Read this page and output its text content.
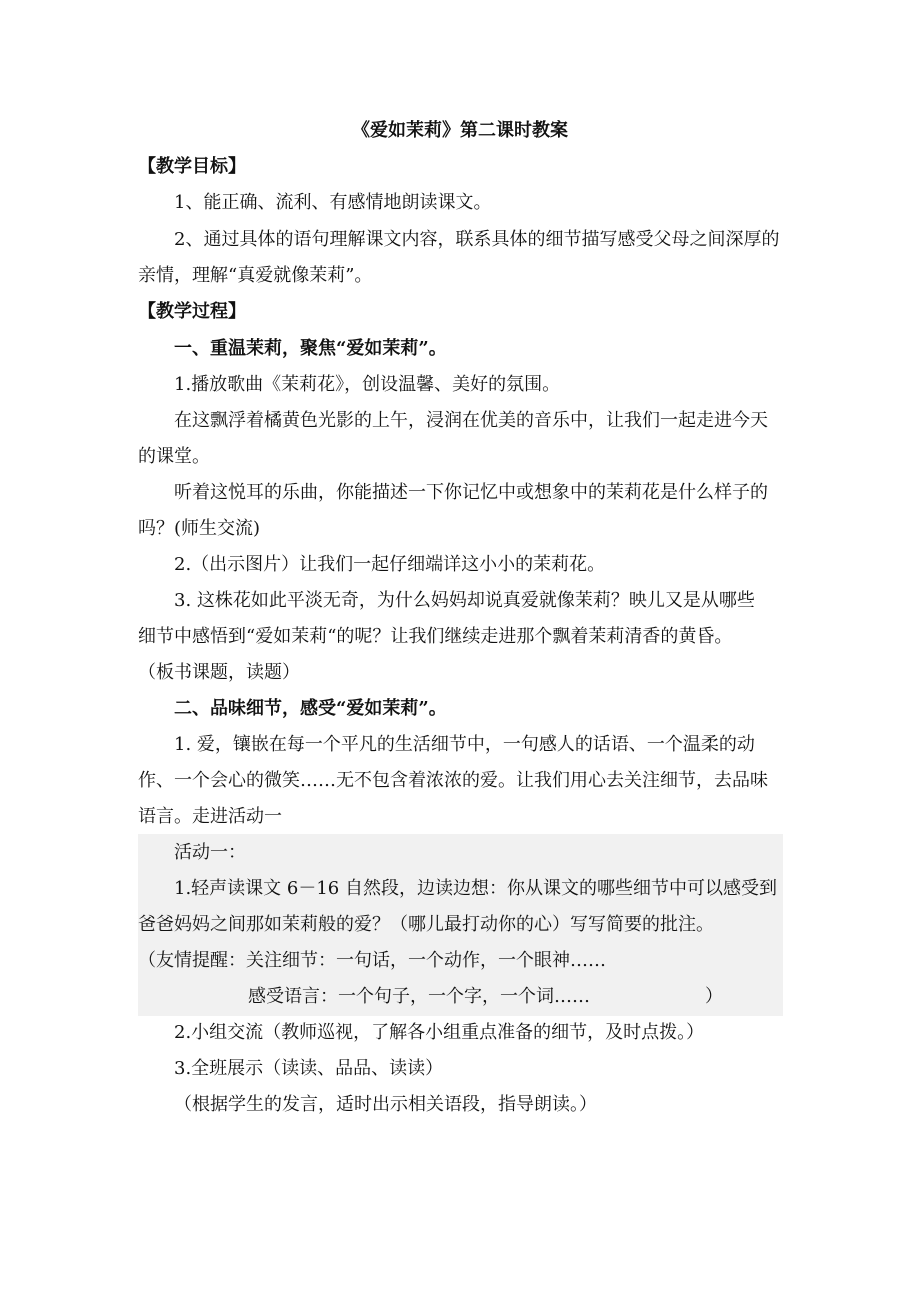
《爱如茉莉》第二课时教案
【教学目标】
1、能正确、流利、有感情地朗读课文。
2、通过具体的语句理解课文内容，联系具体的细节描写感受父母之间深厚的
亲情，理解“真爱就像茉莉”。
【教学过程】
一、重温茉莉，聚焦“爱如茉莉”。
1.播放歌曲《茉莉花》，创设温馨、美好的氛围。
在这飘浮着橘黄色光影的上午，浸润在优美的音乐中，让我们一起走进今天
的课堂。
听着这悦耳的乐曲，你能描述一下你记忆中或想象中的茉莉花是什么样子的
吗？(师生交流)
2.（出示图片）让我们一起仔细端详这小小的茉莉花。
3. 这株花如此平淡无奇，为什么妈妈却说真爱就像茉莉？映儿又是从哪些
细节中感悟到“爱如茉莉“的呢？让我们继续走进那个飘着茉莉清香的黄昏。
（板书课题，读题）
二、品味细节，感受“爱如茉莉”。
1. 爱，镶嵌在每一个平凡的生活细节中，一句感人的话语、一个温柔的动
作、一个会心的微笑……无不包含着浓浓的爱。让我们用心去关注细节，去品味
语言。走进活动一
活动一：
1.轻声读课文 6－16 自然段，边读边想：你从课文的哪些细节中可以感受到
爸爸妈妈之间那如茉莉般的爱？（哪儿最打动你的心）写写简要的批注。
（友情提醒：关注细节：一句话，一个动作，一个眼神……
感受语言：一个句子，一个字，一个词……	）
2.小组交流（教师巡视，了解各小组重点准备的细节，及时点拨。）
3.全班展示（读读、品品、读读）
（根据学生的发言，适时出示相关语段，指导朗读。）
